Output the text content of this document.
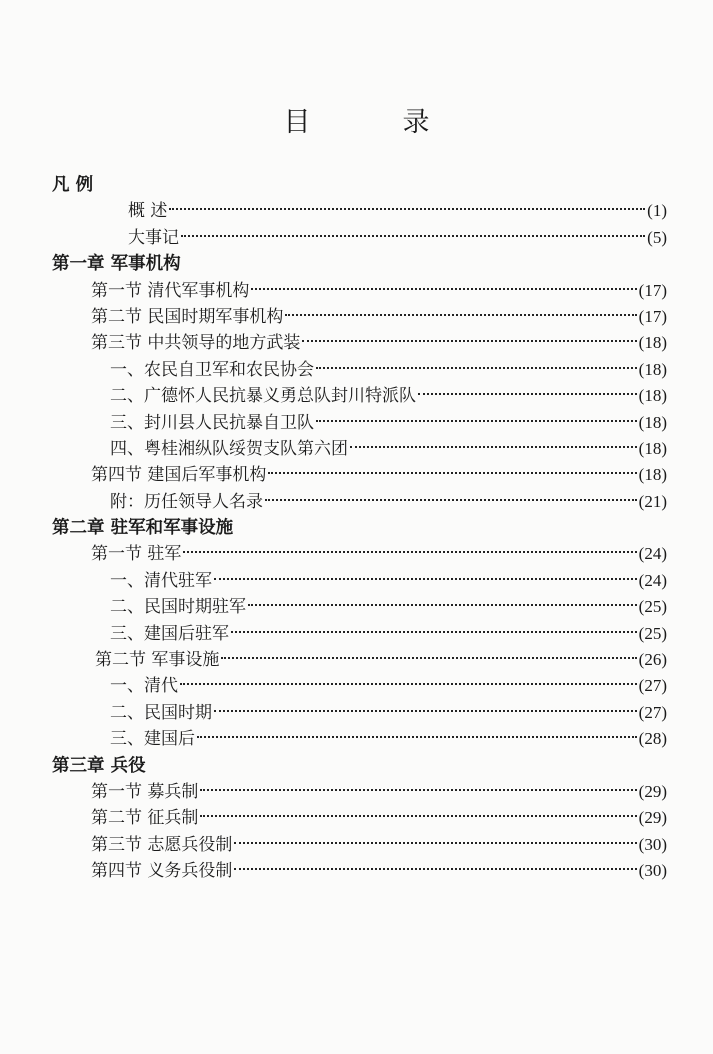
目	录
凡 例
概 述	(1)
大事记	(5)
第一章 军事机构
第一节 清代军事机构	(17)
第二节 民国时期军事机构	(17)
第三节 中共领导的地方武装	(18)
一、农民自卫军和农民协会	(18)
二、广德怀人民抗暴义勇总队封川特派队	(18)
三、封川县人民抗暴自卫队	(18)
四、粤桂湘纵队绥贺支队第六团	(18)
第四节 建国后军事机构	(18)
附：历任领导人名录	(21)
第二章 驻军和军事设施
第一节 驻军	(24)
一、清代驻军	(24)
二、民国时期驻军	(25)
三、建国后驻军	(25)
第二节 军事设施	(26)
一、清代	(27)
二、民国时期	(27)
三、建国后	(28)
第三章 兵役
第一节 募兵制	(29)
第二节 征兵制	(29)
第三节 志愿兵役制	(30)
第四节 义务兵役制	(30)
